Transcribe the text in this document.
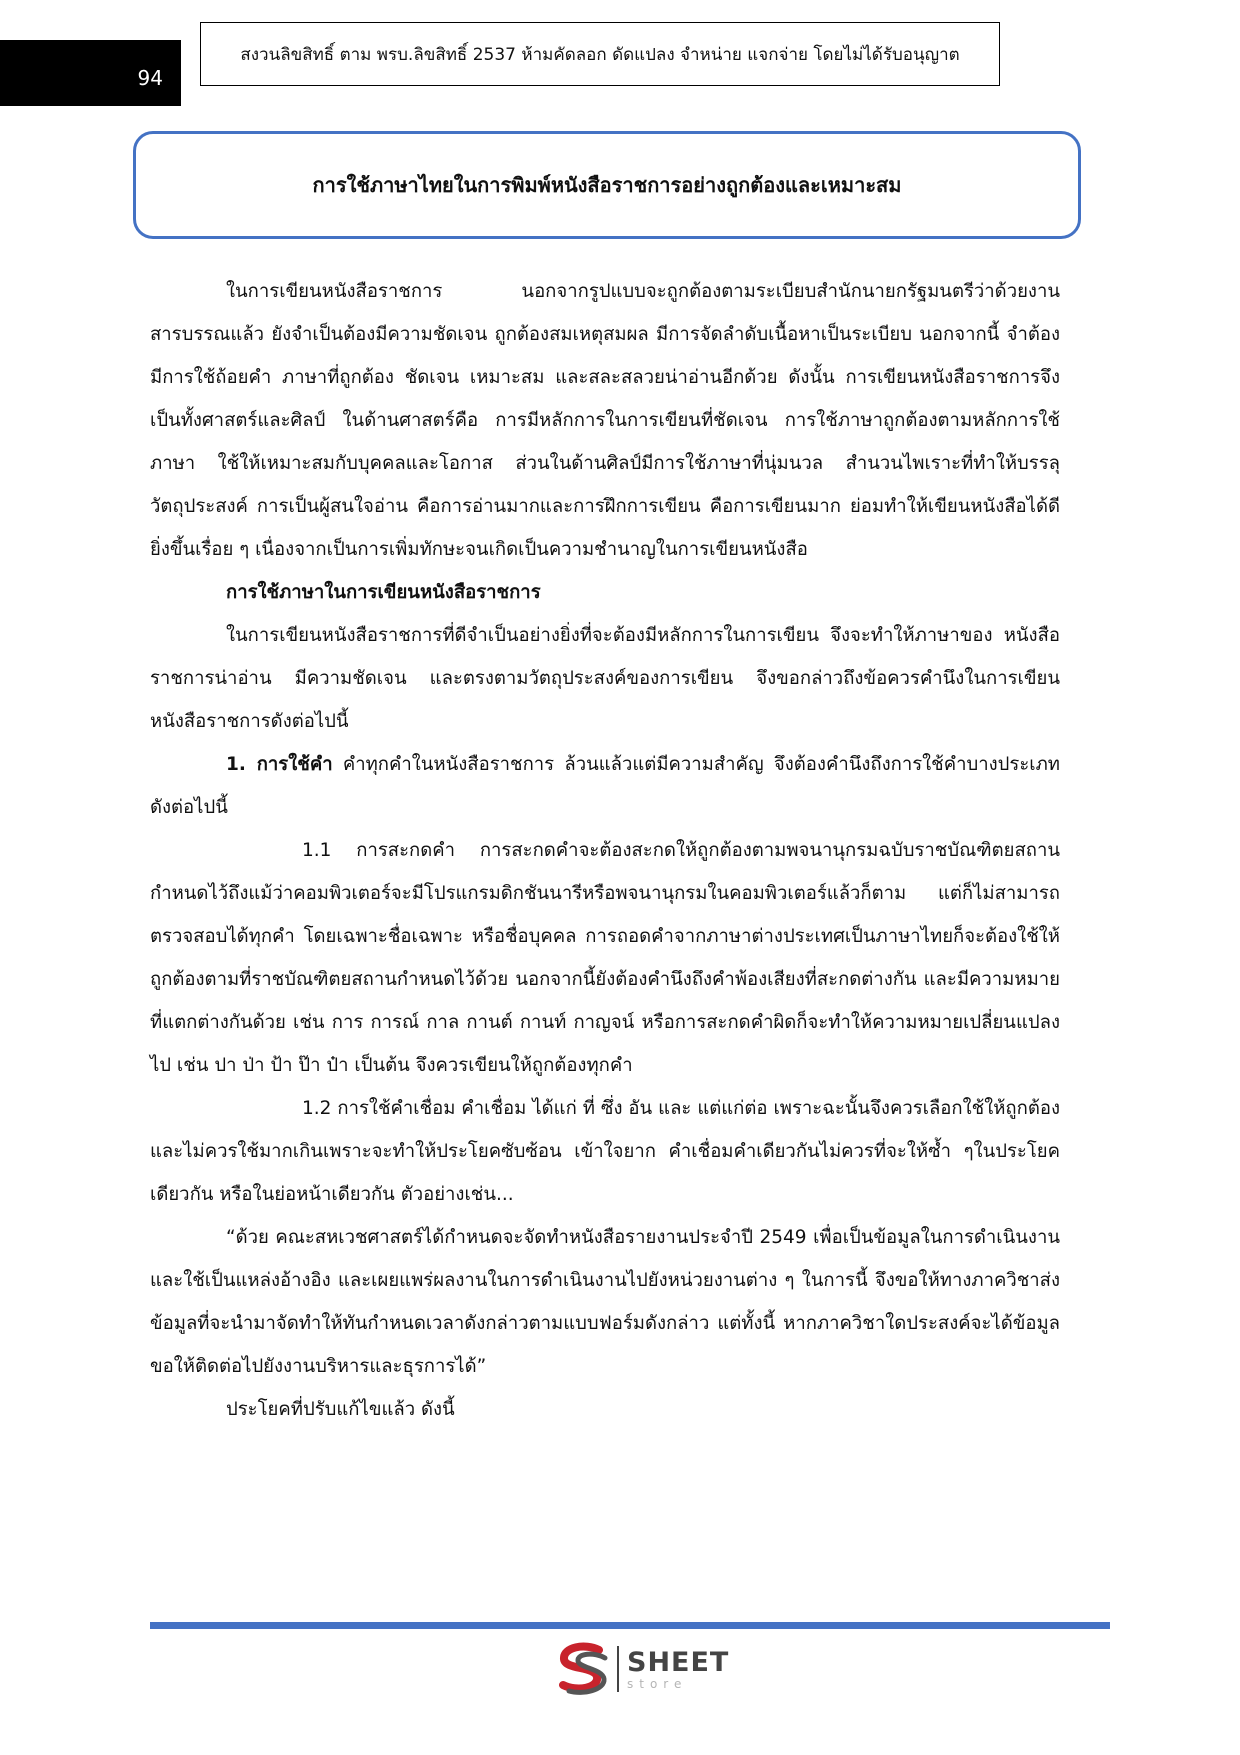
94
สงวนลิขสิทธิ์ ตาม พรบ.ลิขสิทธิ์ 2537 ห้ามคัดลอก ดัดแปลง จำหน่าย แจกจ่าย โดยไม่ได้รับอนุญาต
การใช้ภาษาไทยในการพิมพ์หนังสือราชการอย่างถูกต้องและเหมาะสม

ในการเขียนหนังสือราชการ นอกจากรูปแบบจะถูกต้องตามระเบียบสำนักนายกรัฐมนตรีว่าด้วยงานสารบรรณแล้ว ยังจำเป็นต้องมีความชัดเจน ถูกต้องสมเหตุสมผล มีการจัดลำดับเนื้อหาเป็นระเบียบ นอกจากนี้ จำต้องมีการใช้ถ้อยคำ ภาษาที่ถูกต้อง ชัดเจน เหมาะสม และสละสลวยน่าอ่านอีกด้วย ดังนั้น การเขียนหนังสือราชการจึงเป็นทั้งศาสตร์และศิลป์ ในด้านศาสตร์คือ การมีหลักการในการเขียนที่ชัดเจน การใช้ภาษาถูกต้องตามหลักการใช้ภาษา ใช้ให้เหมาะสมกับบุคคลและโอกาส ส่วนในด้านศิลป์มีการใช้ภาษาที่นุ่มนวล สำนวนไพเราะที่ทำให้บรรลุวัตถุประสงค์ การเป็นผู้สนใจอ่าน คือการอ่านมากและการฝึกการเขียน คือการเขียนมาก ย่อมทำให้เขียนหนังสือได้ดียิ่งขึ้นเรื่อย ๆ เนื่องจากเป็นการเพิ่มทักษะจนเกิดเป็นความชำนาญในการเขียนหนังสือ

การใช้ภาษาในการเขียนหนังสือราชการ

ในการเขียนหนังสือราชการที่ดีจำเป็นอย่างยิ่งที่จะต้องมีหลักการในการเขียน จึงจะทำให้ภาษาของ หนังสือราชการน่าอ่าน มีความชัดเจน และตรงตามวัตถุประสงค์ของการเขียน จึงขอกล่าวถึงข้อควรคำนึงในการเขียนหนังสือราชการดังต่อไปนี้

1. การใช้คำ คำทุกคำในหนังสือราชการ ล้วนแล้วแต่มีความสำคัญ จึงต้องคำนึงถึงการใช้คำบางประเภท ดังต่อไปนี้

1.1 การสะกดคำ การสะกดคำจะต้องสะกดให้ถูกต้องตามพจนานุกรมฉบับราชบัณฑิตยสถานกำหนดไว้ถึงแม้ว่าคอมพิวเตอร์จะมีโปรแกรมดิกชันนารีหรือพจนานุกรมในคอมพิวเตอร์แล้วก็ตาม แต่ก็ไม่สามารถตรวจสอบได้ทุกคำ โดยเฉพาะชื่อเฉพาะ หรือชื่อบุคคล การถอดคำจากภาษาต่างประเทศเป็นภาษาไทยก็จะต้องใช้ให้ถูกต้องตามที่ราชบัณฑิตยสถานกำหนดไว้ด้วย นอกจากนี้ยังต้องคำนึงถึงคำพ้องเสียงที่สะกดต่างกัน และมีความหมายที่แตกต่างกันด้วย เช่น การ การณ์ กาล กานต์ กานท์ กาญจน์ หรือการสะกดคำผิดก็จะทำให้ความหมายเปลี่ยนแปลงไป เช่น ปา ป่า ป้า ป๊า ป๋า เป็นต้น จึงควรเขียนให้ถูกต้องทุกคำ

1.2 การใช้คำเชื่อม คำเชื่อม ได้แก่ ที่ ซึ่ง อัน และ แต่แก่ต่อ เพราะฉะนั้นจึงควรเลือกใช้ให้ถูกต้อง และไม่ควรใช้มากเกินเพราะจะทำให้ประโยคซับซ้อน เข้าใจยาก คำเชื่อมคำเดียวกันไม่ควรที่จะให้ซ้ำ ๆในประโยคเดียวกัน หรือในย่อหน้าเดียวกัน ตัวอย่างเช่น...

“ด้วย คณะสหเวชศาสตร์ได้กำหนดจะจัดทำหนังสือรายงานประจำปี 2549 เพื่อเป็นข้อมูลในการดำเนินงาน และใช้เป็นแหล่งอ้างอิง และเผยแพร่ผลงานในการดำเนินงานไปยังหน่วยงานต่าง ๆ ในการนี้ จึงขอให้ทางภาควิชาส่งข้อมูลที่จะนำมาจัดทำให้ทันกำหนดเวลาดังกล่าวตามแบบฟอร์มดังกล่าว แต่ทั้งนี้ หากภาควิชาใดประสงค์จะได้ข้อมูลขอให้ติดต่อไปยังงานบริหารและธุรการได้”

ประโยคที่ปรับแก้ไขแล้ว ดังนี้

SHEET
store
